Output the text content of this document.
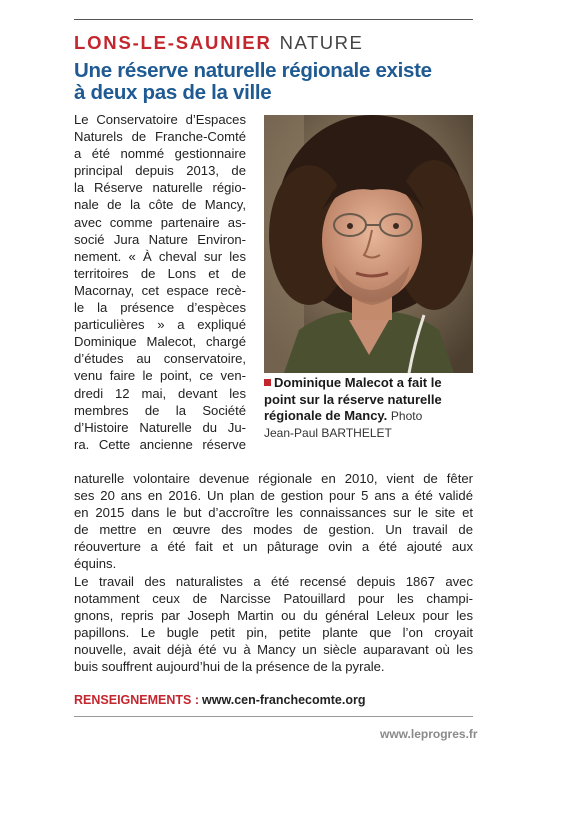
LONS-LE-SAUNIER NATURE
Une réserve naturelle régionale existe
à deux pas de la ville
Le Conservatoire d’Espaces
Naturels de Franche-Comté
a été nommé gestionnaire
principal depuis 2013, de
la Réserve naturelle régio-
nale de la côte de Mancy,
avec comme partenaire as-
socié Jura Nature Environ-
nement. « À cheval sur les
territoires de Lons et de
Macornay, cet espace recè-
le la présence d’espèces
particulières » a expliqué
Dominique Malecot, chargé
d’études au conservatoire,
venu faire le point, ce ven-
dredi 12 mai, devant les
membres de la Société
d’Histoire Naturelle du Ju-
ra. Cette ancienne réserve
Dominique Malecot a fait le
point sur la réserve naturelle
régionale de Mancy. Photo
Jean-Paul BARTHELET
naturelle volontaire devenue régionale en 2010, vient de fêter
ses 20 ans en 2016. Un plan de gestion pour 5 ans a été validé
en 2015 dans le but d’accroître les connaissances sur le site et
de mettre en œuvre des modes de gestion. Un travail de
réouverture a été fait et un pâturage ovin a été ajouté aux
équins.
Le travail des naturalistes a été recensé depuis 1867 avec
notamment ceux de Narcisse Patouillard pour les champi-
gnons, repris par Joseph Martin ou du général Leleux pour les
papillons. Le bugle petit pin, petite plante que l’on croyait
nouvelle, avait déjà été vu à Mancy un siècle auparavant où les
buis souffrent aujourd’hui de la présence de la pyrale.
RENSEIGNEMENTS : www.cen-franchecomte.org
www.leprogres.fr
